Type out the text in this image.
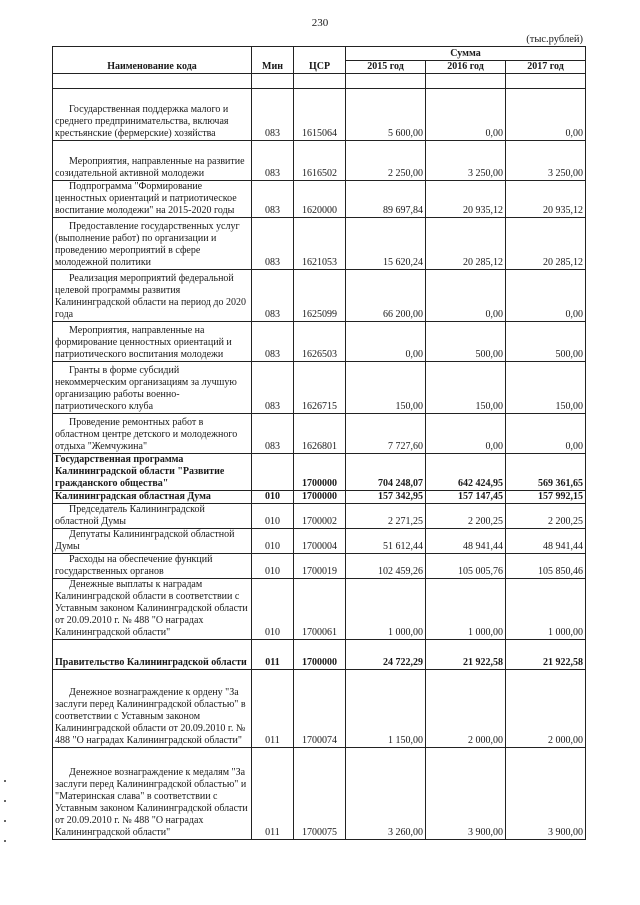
230
(тыс.рублей)
Наименование кода	Мин	ЦСР	Сумма		
			2015 год	2016 год	2017 год

Государственная поддержка малого и среднего предпринимательства, включая крестьянские (фермерские) хозяйства	083	1615064	5 600,00	0,00	0,00

Мероприятия, направленные на развитие созидательной активной молодежи	083	1616502	2 250,00	3 250,00	3 250,00

Подпрограмма "Формирование ценностных ориентаций и патриотическое воспитание молодежи" на 2015-2020 годы	083	1620000	89 697,84	20 935,12	20 935,12

Предоставление государственных услуг (выполнение работ) по организации и проведению мероприятий в сфере молодежной политики	083	1621053	15 620,24	20 285,12	20 285,12

Реализация мероприятий федеральной целевой программы развития Калининградской области на период до 2020 года	083	1625099	66 200,00	0,00	0,00

Мероприятия, направленные на формирование ценностных ориентаций и патриотического воспитания молодежи	083	1626503	0,00	500,00	500,00

Гранты в форме субсидий некоммерческим организациям за лучшую организацию работы военно-патриотического клуба	083	1626715	150,00	150,00	150,00

Проведение ремонтных работ в областном центре детского и молодежного отдыха "Жемчужина"	083	1626801	7 727,60	0,00	0,00
Государственная программа Калининградской области "Развитие гражданского общества"		1700000	704 248,07	642 424,95	569 361,65
Калининградская областная Дума	010	1700000	157 342,95	157 147,45	157 992,15

Председатель Калининградской областной Думы	010	1700002	2 271,25	2 200,25	2 200,25

Депутаты Калининградской областной Думы	010	1700004	51 612,44	48 941,44	48 941,44

Расходы на обеспечение функций государственных органов	010	1700019	102 459,26	105 005,76	105 850,46

Денежные выплаты к наградам Калининградской области в соответствии с Уставным законом Калининградской области от 20.09.2010 г. № 488 "О наградах Калининградской области"	010	1700061	1 000,00	1 000,00	1 000,00
Правительство Калининградской области	011	1700000	24 722,29	21 922,58	21 922,58

Денежное вознаграждение к ордену "За заслуги перед Калининградской областью" в соответствии с Уставным законом Калининградской области от 20.09.2010 г. № 488 "О наградах Калининградской области"	011	1700074	1 150,00	2 000,00	2 000,00

Денежное вознаграждение к медалям "За заслуги перед Калининградской областью" и "Материнская слава" в соответствии с Уставным законом Калининградской области от 20.09.2010 г. № 488 "О наградах Калининградской области"	011	1700075	3 260,00	3 900,00	3 900,00
